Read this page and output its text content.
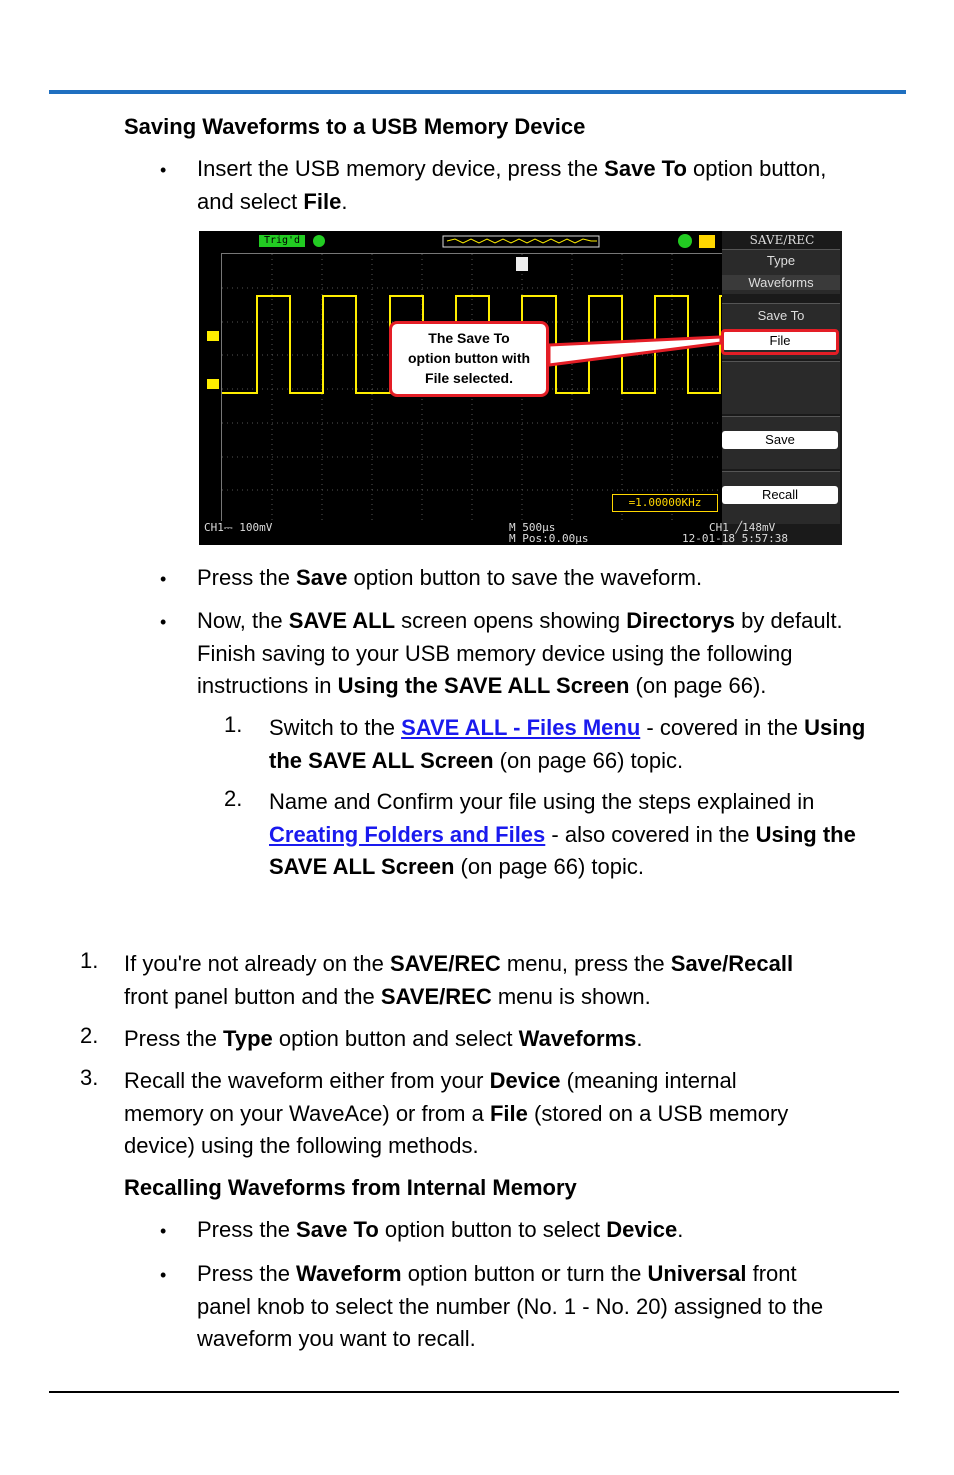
Saving Waveforms to a USB Memory Device
• Insert the USB memory device, press the Save To option button,

and select File.

Trig'd
The Save To
option button with
File selected.
=1.00000KHz
SAVE/REC
Type
Waveforms
Save To
File
Save
Recall
CH1⎓ 100mV	M 500μs
M Pos:0.00μs
CH1 ╱148mV
12-01-18 5:57:38
• Press the Save option button to save the waveform.

• Now, the SAVE ALL screen opens showing Directorys by default.

Finish saving to your USB memory device using the following

instructions in Using the SAVE ALL Screen (on page 66).

1. Switch to the SAVE ALL - Files Menu - covered in the Using

the SAVE ALL Screen (on page 66) topic.

2. Name and Confirm your file using the steps explained in

Creating Folders and Files - also covered in the Using the

SAVE ALL Screen (on page 66) topic.

1. If you're not already on the SAVE/REC menu, press the Save/Recall

front panel button and the SAVE/REC menu is shown.

2. Press the Type option button and select Waveforms.

3. Recall the waveform either from your Device (meaning internal

memory on your WaveAce) or from a File (stored on a USB memory

device) using the following methods.

Recalling Waveforms from Internal Memory
• Press the Save To option button to select Device.

• Press the Waveform option button or turn the Universal front

panel knob to select the number (No. 1 - No. 20) assigned to the

waveform you want to recall.
